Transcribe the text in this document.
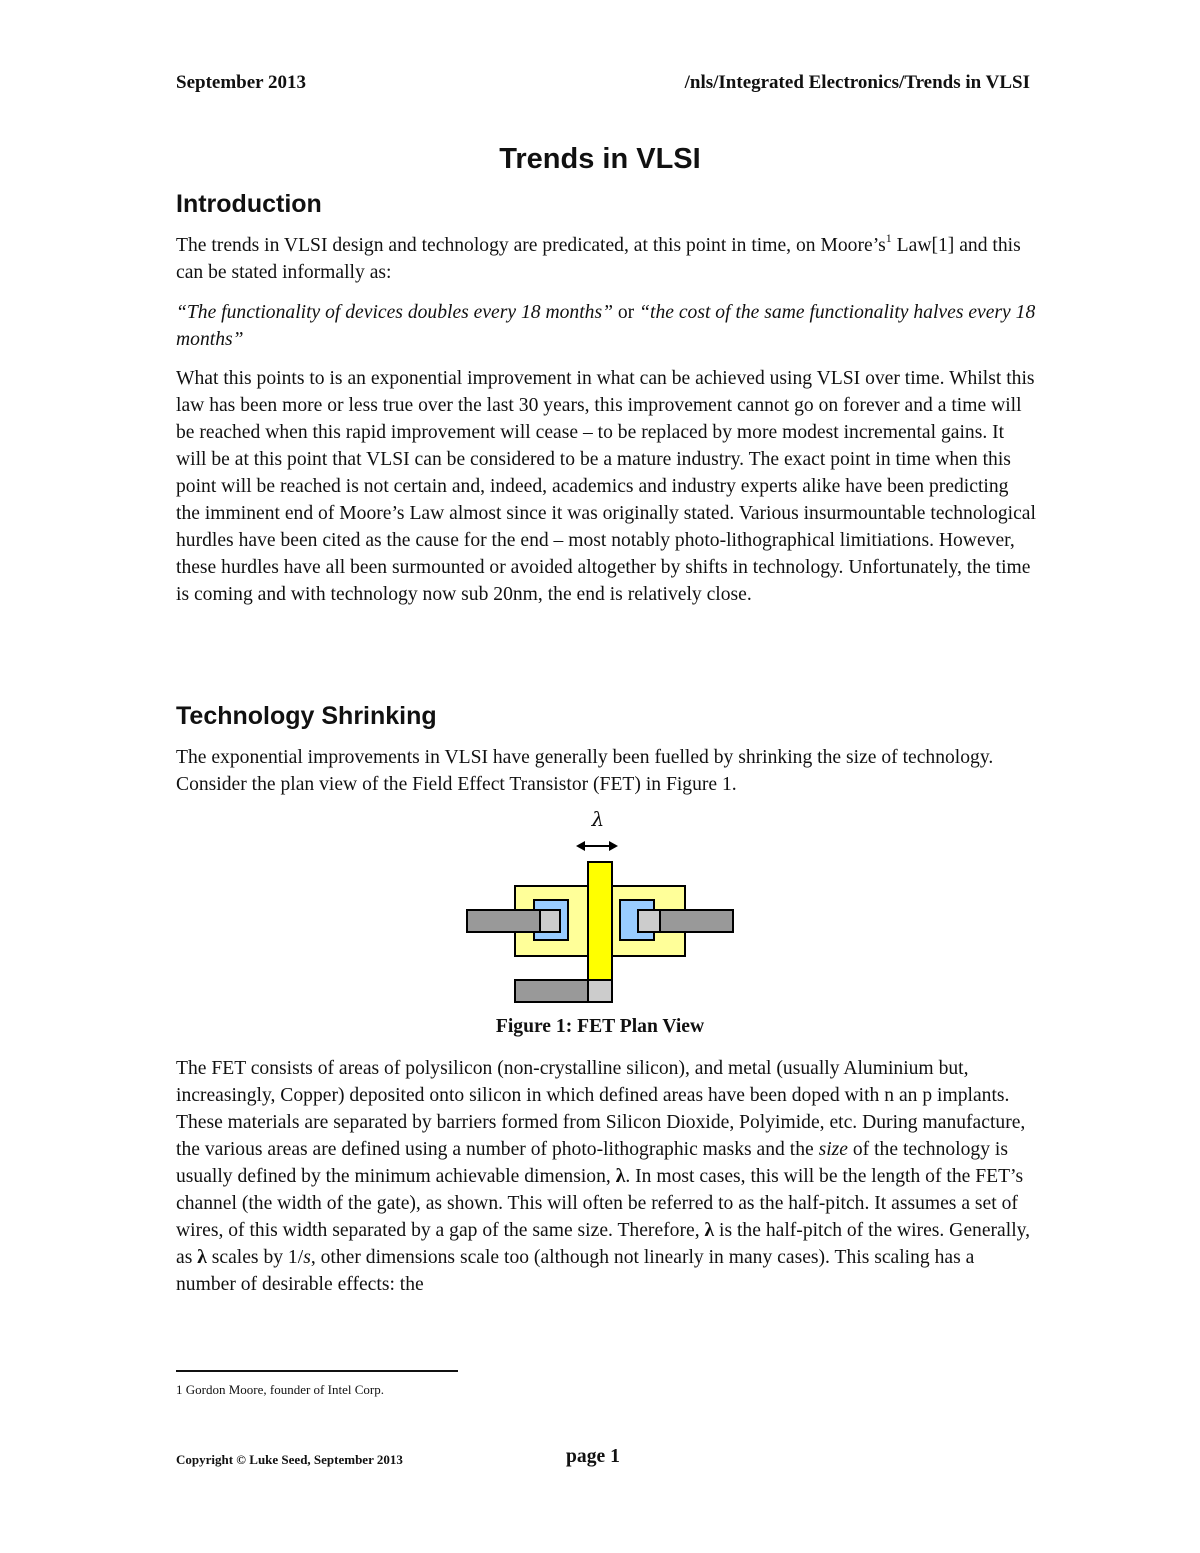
September 2013	/nls/Integrated Electronics/Trends in VLSI
Trends in VLSI
Introduction

The trends in VLSI design and technology are predicated, at this point in time, on $Moore’s^1$ Law[1] and this can be stated informally as:

“The functionality of devices doubles every 18 months” or “the cost of the same functionality halves every 18 months”

What this points to is an exponential improvement in what can be achieved using VLSI over time. Whilst this law has been more or less true over the last 30 years, this improvement cannot go on forever and a time will be reached when this rapid improvement will cease – to be replaced by more modest incremental gains. It will be at this point that VLSI can be considered to be a mature industry. The exact point in time when this point will be reached is not certain and, indeed, academics and industry experts alike have been predicting the imminent end of Moore’s Law almost since it was originally stated. Various insurmountable technological hurdles have been cited as the cause for the end – most notably photo-lithographical limitiations. However, these hurdles have all been surmounted or avoided altogether by shifts in technology. Unfortunately, the time is coming and with technology now sub 20nm, the end is relatively close.

Technology Shrinking

The exponential improvements in VLSI have generally been fuelled by shrinking the size of technology. Consider the plan view of the Field Effect Transistor (FET) in Figure 1.

λ
Figure 1: FET Plan View

The FET consists of areas of polysilicon (non-crystalline silicon), and metal (usually Aluminium but, increasingly, Copper) deposited onto silicon in which defined areas have been doped with n an p implants. These materials are separated by barriers formed from Silicon Dioxide, Polyimide, etc. During manufacture, the various areas are defined using a number of photo-lithographic masks and the size of the technology is usually defined by the minimum achievable dimension, λ. In most cases, this will be the length of the FET’s channel (the width of the gate), as shown. This will often be referred to as the half-pitch. It assumes a set of wires, of this width separated by a gap of the same size. Therefore, λ is the half-pitch of the wires. Generally, as λ scales by 1/s, other dimensions scale too (although not linearly in many cases). This scaling has a number of desirable effects: the

1 Gordon Moore, founder of Intel Corp.
Copyright © Luke Seed, September 2013	page 1
